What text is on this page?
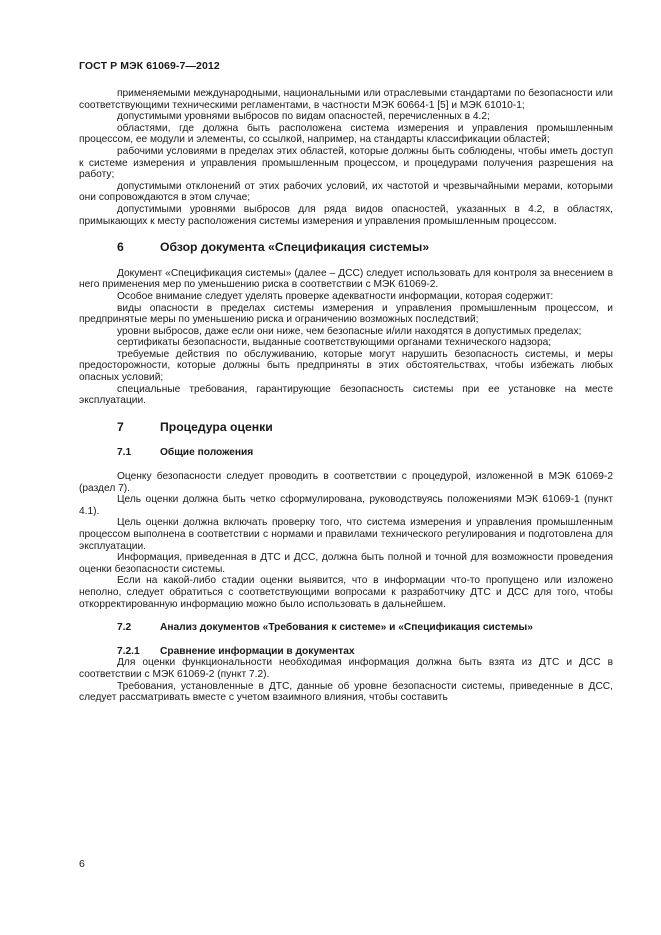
ГОСТ Р МЭК 61069-7—2012

применяемыми международными, национальными или отраслевыми стандартами по безопасности или соответствующими техническими регламентами, в частности МЭК 60664-1 [5] и МЭК 61010-1;

допустимыми уровнями выбросов по видам опасностей, перечисленных в 4.2;

областями, где должна быть расположена система измерения и управления промышленным процессом, ее модули и элементы, со ссылкой, например, на стандарты классификации областей;

рабочими условиями в пределах этих областей, которые должны быть соблюдены, чтобы иметь доступ к системе измерения и управления промышленным процессом, и процедурами получения разрешения на работу;

допустимыми отклонений от этих рабочих условий, их частотой и чрезвычайными мерами, которыми они сопровождаются в этом случае;

допустимыми уровнями выбросов для ряда видов опасностей, указанных в 4.2, в областях, примыкающих к месту расположения системы измерения и управления промышленным процессом.

6	Обзор документа «Спецификация системы»

Документ «Спецификация системы» (далее – ДСС) следует использовать для контроля за внесением в него применения мер по уменьшению риска в соответствии с МЭК 61069-2.

Особое внимание следует уделять проверке адекватности информации, которая содержит:

виды опасности в пределах системы измерения и управления промышленным процессом, и предпринятые меры по уменьшению риска и ограничению возможных последствий;

уровни выбросов, даже если они ниже, чем безопасные и/или находятся в допустимых пределах;

сертификаты безопасности, выданные соответствующими органами технического надзора;

требуемые действия по обслуживанию, которые могут нарушить безопасность системы, и меры предосторожности, которые должны быть предприняты в этих обстоятельствах, чтобы избежать любых опасных условий;

специальные требования, гарантирующие безопасность системы при ее установке на месте эксплуатации.

7	Процедура оценки
7.1	Общие положения

Оценку безопасности следует проводить в соответствии с процедурой, изложенной в МЭК 61069-2 (раздел 7).

Цель оценки должна быть четко сформулирована, руководствуясь положениями МЭК 61069-1 (пункт 4.1).

Цель оценки должна включать проверку того, что система измерения и управления промышленным процессом выполнена в соответствии с нормами и правилами технического регулирования и подготовлена для эксплуатации.

Информация, приведенная в ДТС и ДСС, должна быть полной и точной для возможности проведения оценки безопасности системы.

Если на какой-либо стадии оценки выявится, что в информации что-то пропущено или изложено неполно, следует обратиться с соответствующими вопросами к разработчику ДТС и ДСС для того, чтобы откорректированную информацию можно было использовать в дальнейшем.

7.2	Анализ документов «Требования к системе» и «Спецификация системы»
7.2.1	Сравнение информации в документах

Для оценки функциональности необходимая информация должна быть взята из ДТС и ДСС в соответствии с МЭК 61069-2 (пункт 7.2).

Требования, установленные в ДТС, данные об уровне безопасности системы, приведенные в ДСС, следует рассматривать вместе с учетом взаимного влияния, чтобы составить

6
